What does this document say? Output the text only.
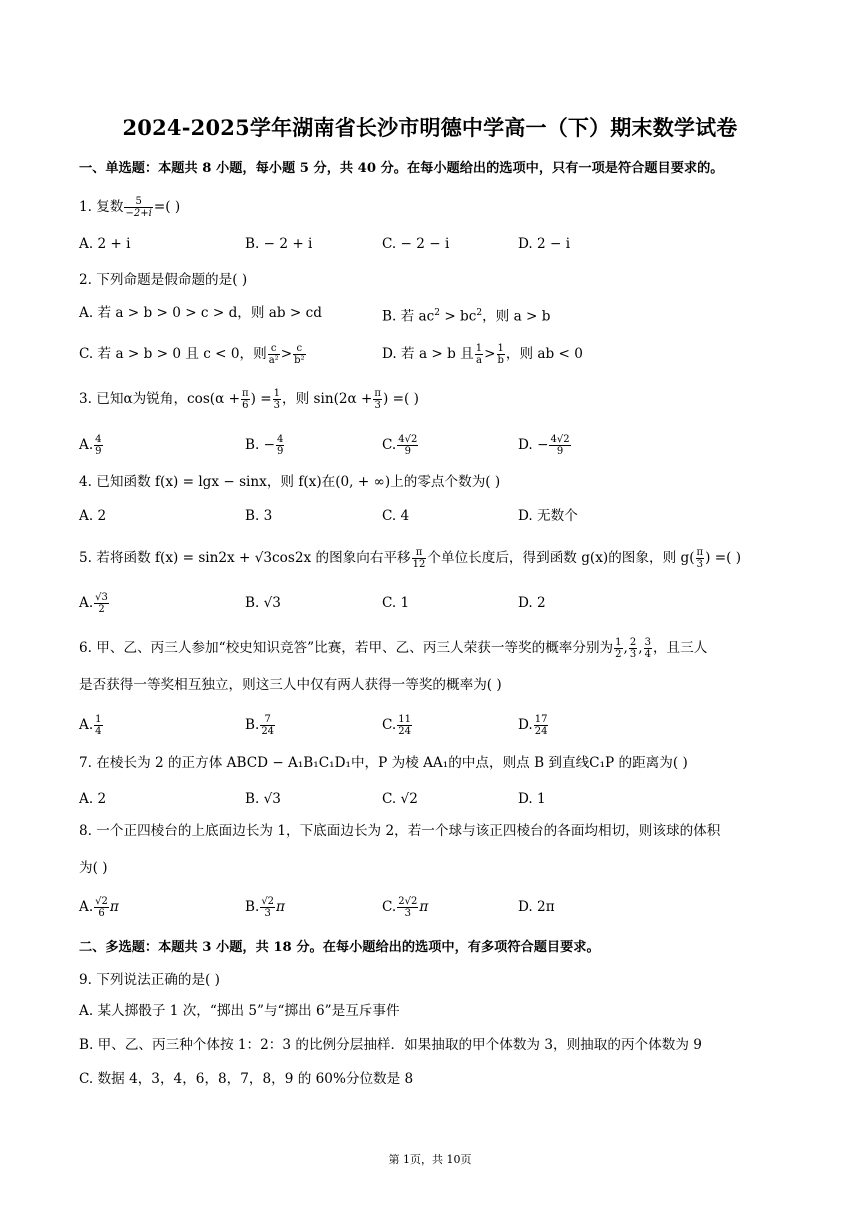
2024-2025学年湖南省长沙市明德中学高一（下）期末数学试卷
一、单选题：本题共 8 小题，每小题 5 分，共 40 分。在每小题给出的选项中，只有一项是符合题目要求的。
1. 复数 $\frac{5}{-2+i}$ =( )
A. 2 + i	B. − 2 + i	C. − 2 − i	D. 2 − i
2. 下列命题是假命题的是( )
A. 若 a > b > 0 > c > d，则 ab > cd	B. 若 $ac^2 > bc^2$，则 a > b
C. 若 a > b > 0 且 c < 0，则 $\frac{c}{\text{a²}} > \frac{c}{\text{b²}}$	D. 若 a > b 且 $\frac{1}{a} > \frac{1}{b}$ ，则 ab < 0
3. 已知α为锐角，$\cos(\alpha + \frac{\pi}{6}$ ) = $\frac{1}{3}$ ，则 $\sin(2\alpha + \frac{\pi}{3}$ ) =( )
A. $\frac{4}{9}$	B. − $\frac{4}{9}$	C. $\frac{4√2}{9}$	D. − $\frac{4√2}{9}$
4. 已知函数 f(x) = lgx − sinx，则 f(x)在(0, + ∞)上的零点个数为( )
A. 2	B. 3	C. 4	D. 无数个
5. 若将函数 f(x) = sin2x + √3cos2x 的图象向右平移 $\frac{\pi}{12}$ 个单位长度后，得到函数 g(x)的图象，则 $g( \frac{\pi}{3}$ ) =( )
A. $\frac{√3}{2}$	B. √3	C. 1	D. 2
6. 甲、乙、丙三人参加“校史知识竞答”比赛，若甲、乙、丙三人荣获一等奖的概率分别为 $\frac{1}{2}$ , $\frac{2}{3}$ , $\frac{3}{4}$ ，且三人
是否获得一等奖相互独立，则这三人中仅有两人获得一等奖的概率为( )
A. $\frac{1}{4}$	B. $\frac{7}{24}$	C. $\frac{11}{24}$	D. $\frac{17}{24}$
7. 在棱长为 2 的正方体 ABCD − A₁B₁C₁D₁中，P 为棱 AA₁的中点，则点 B 到直线C₁P 的距离为( )
A. 2	B. √3	C. √2	D. 1
8. 一个正四棱台的上底面边长为 1，下底面边长为 2，若一个球与该正四棱台的各面均相切，则该球的体积
为( )
A. $\frac{√2}{6}$ π	B. $\frac{√2}{3}$ π	C. $\frac{2√2}{3}$ π	D. 2π
二、多选题：本题共 3 小题，共 18 分。在每小题给出的选项中，有多项符合题目要求。
9. 下列说法正确的是( )
A. 某人掷骰子 1 次，“掷出 5”与“掷出 6”是互斥事件
B. 甲、乙、丙三种个体按 1：2：3 的比例分层抽样．如果抽取的甲个体数为 3，则抽取的丙个体数为 9
C. 数据 4，3，4，6，8，7，8，9 的 60%分位数是 8
第 1页，共 10页
